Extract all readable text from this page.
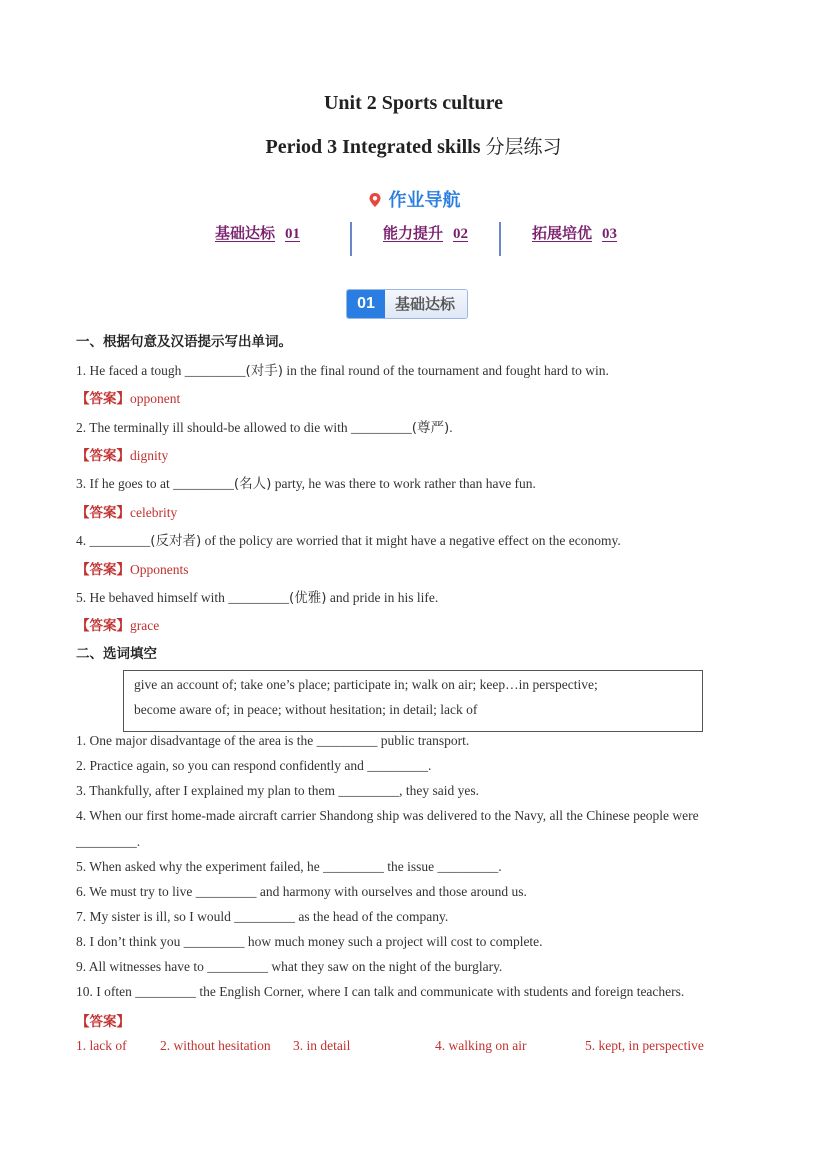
Unit 2 Sports culture
Period 3 Integrated skills 分层练习
作业导航
基础达标 01	能力提升 02	拓展培优 03
01	基础达标
一、根据句意及汉语提示写出单词。
1. He faced a tough _________(对手) in the final round of the tournament and fought hard to win.
【答案】opponent
2. The terminally ill should-be allowed to die with _________(尊严).
【答案】dignity
3. If he goes to at _________(名人) party, he was there to work rather than have fun.
【答案】celebrity
4. _________(反对者) of the policy are worried that it might have a negative effect on the economy.
【答案】Opponents
5. He behaved himself with _________(优雅) and pride in his life.
【答案】grace
二、选词填空
give an account of; take one’s place; participate in; walk on air; keep…in perspective;
become aware of; in peace; without hesitation; in detail; lack of
1. One major disadvantage of the area is the _________ public transport.
2. Practice again, so you can respond confidently and _________.
3. Thankfully, after I explained my plan to them _________, they said yes.
4. When our first home-made aircraft carrier Shandong ship was delivered to the Navy, all the Chinese people were
_________.
5. When asked why the experiment failed, he _________ the issue _________.
6. We must try to live _________ and harmony with ourselves and those around us.
7. My sister is ill, so I would _________ as the head of the company.
8. I don’t think you _________ how much money such a project will cost to complete.
9. All witnesses have to _________ what they saw on the night of the burglary.
10. I often _________ the English Corner, where I can talk and communicate with students and foreign teachers.
【答案】
1. lack of 2. without hesitation 3. in detail	4. walking on air	5. kept, in perspective
